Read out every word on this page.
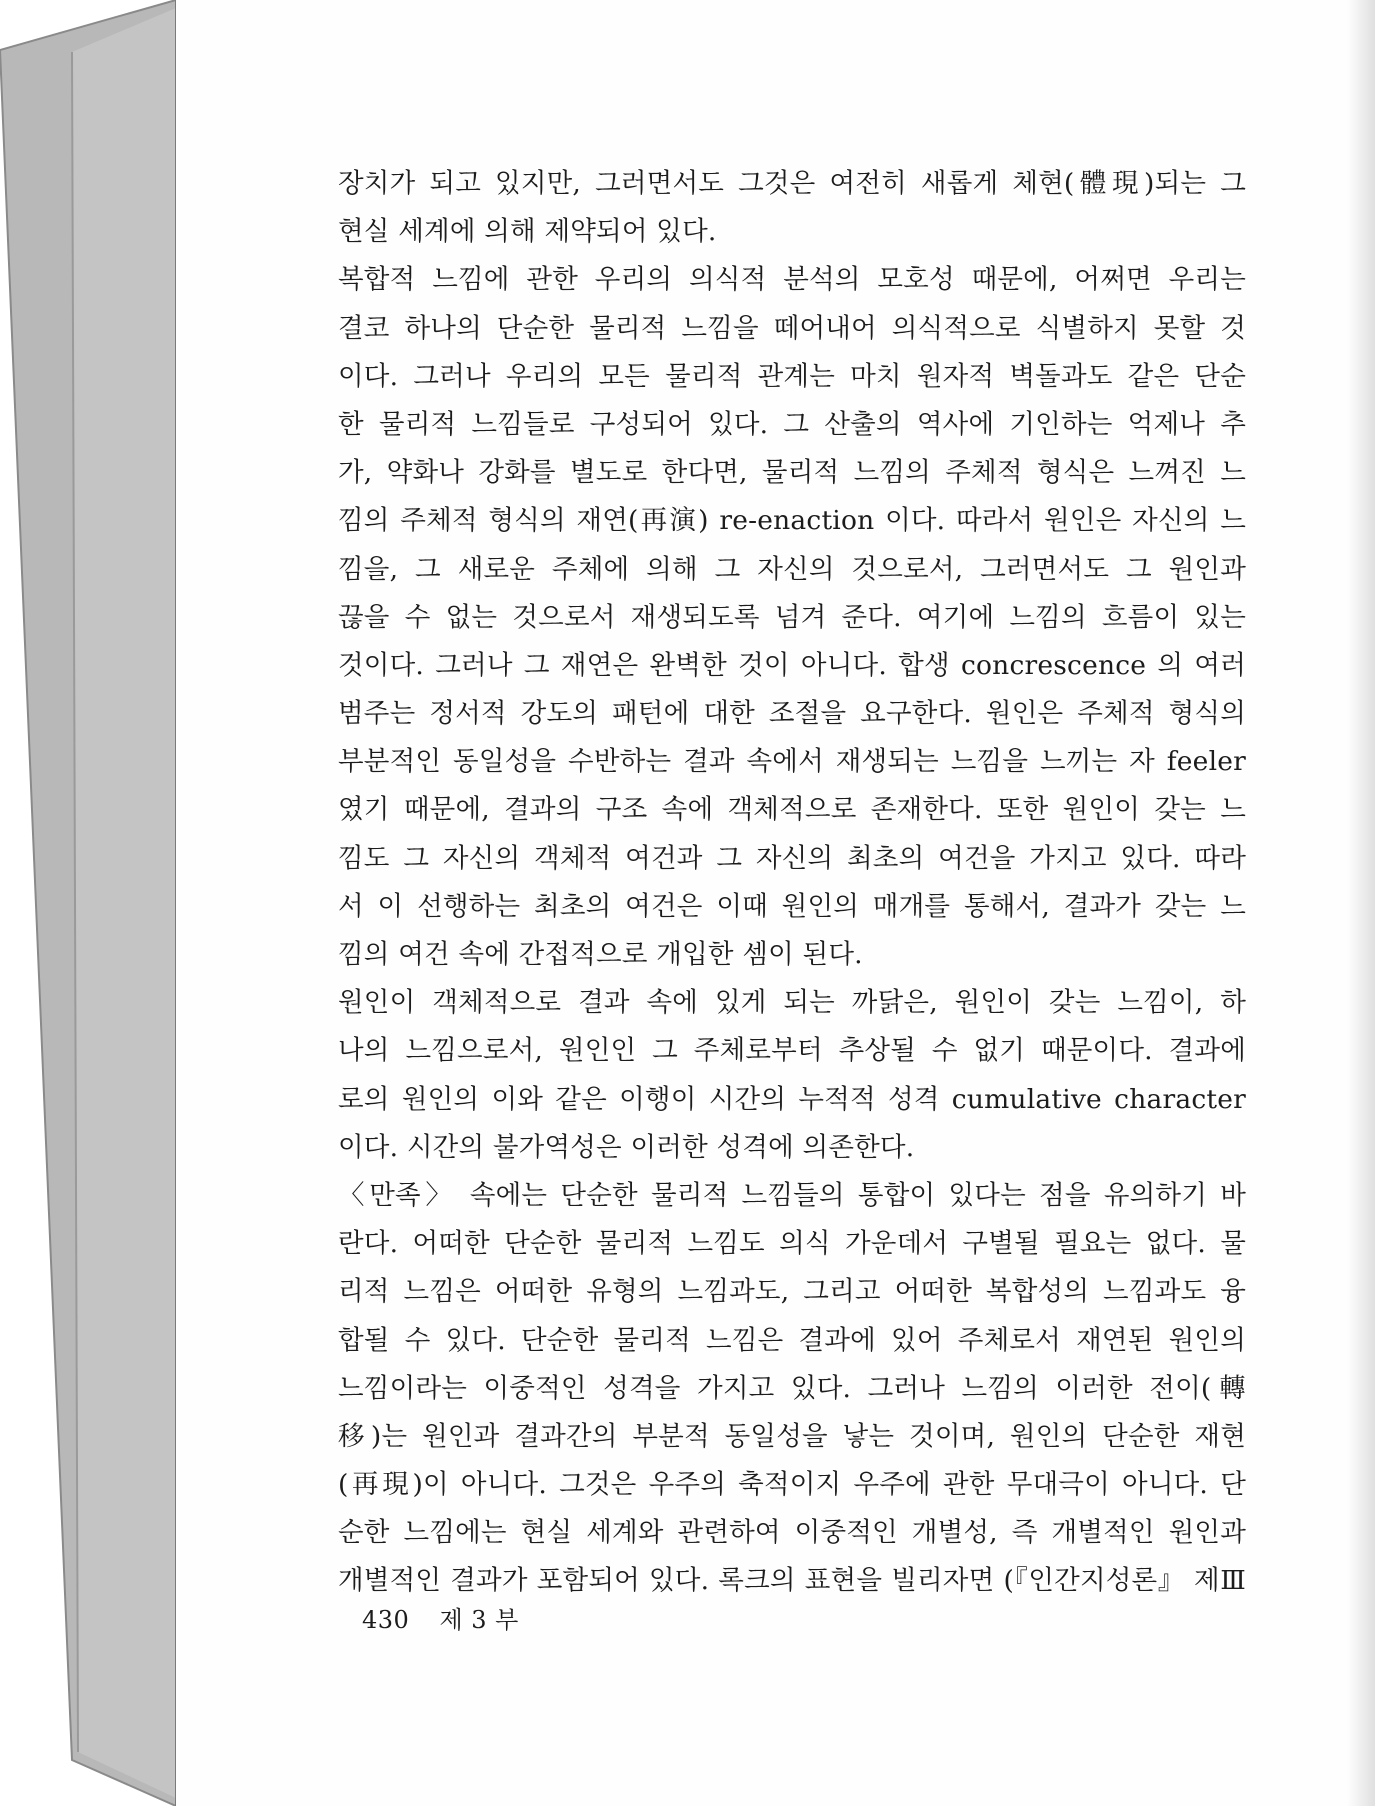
장치가 되고 있지만, 그러면서도 그것은 여전히 새롭게 체현(體現)되는 그
현실 세계에 의해 제약되어 있다.
복합적 느낌에 관한 우리의 의식적 분석의 모호성 때문에, 어쩌면 우리는
결코 하나의 단순한 물리적 느낌을 떼어내어 의식적으로 식별하지 못할 것
이다. 그러나 우리의 모든 물리적 관계는 마치 원자적 벽돌과도 같은 단순
한 물리적 느낌들로 구성되어 있다. 그 산출의 역사에 기인하는 억제나 추
가, 약화나 강화를 별도로 한다면, 물리적 느낌의 주체적 형식은 느껴진 느
낌의 주체적 형식의 재연(再演) re-enaction 이다. 따라서 원인은 자신의 느
낌을, 그 새로운 주체에 의해 그 자신의 것으로서, 그러면서도 그 원인과
끊을 수 없는 것으로서 재생되도록 넘겨 준다. 여기에 느낌의 흐름이 있는
것이다. 그러나 그 재연은 완벽한 것이 아니다. 합생 concrescence 의 여러
범주는 정서적 강도의 패턴에 대한 조절을 요구한다. 원인은 주체적 형식의
부분적인 동일성을 수반하는 결과 속에서 재생되는 느낌을 느끼는 자 feeler
였기 때문에, 결과의 구조 속에 객체적으로 존재한다. 또한 원인이 갖는 느
낌도 그 자신의 객체적 여건과 그 자신의 최초의 여건을 가지고 있다. 따라
서 이 선행하는 최초의 여건은 이때 원인의 매개를 통해서, 결과가 갖는 느
낌의 여건 속에 간접적으로 개입한 셈이 된다.
원인이 객체적으로 결과 속에 있게 되는 까닭은, 원인이 갖는 느낌이, 하
나의 느낌으로서, 원인인 그 주체로부터 추상될 수 없기 때문이다. 결과에
로의 원인의 이와 같은 이행이 시간의 누적적 성격 cumulative character
이다. 시간의 불가역성은 이러한 성격에 의존한다.
〈만족〉 속에는 단순한 물리적 느낌들의 통합이 있다는 점을 유의하기 바
란다. 어떠한 단순한 물리적 느낌도 의식 가운데서 구별될 필요는 없다. 물
리적 느낌은 어떠한 유형의 느낌과도, 그리고 어떠한 복합성의 느낌과도 융
합될 수 있다. 단순한 물리적 느낌은 결과에 있어 주체로서 재연된 원인의
느낌이라는 이중적인 성격을 가지고 있다. 그러나 느낌의 이러한 전이(轉
移)는 원인과 결과간의 부분적 동일성을 낳는 것이며, 원인의 단순한 재현
(再現)이 아니다. 그것은 우주의 축적이지 우주에 관한 무대극이 아니다. 단
순한 느낌에는 현실 세계와 관련하여 이중적인 개별성, 즉 개별적인 원인과
개별적인 결과가 포함되어 있다. 록크의 표현을 빌리자면 (『인간지성론』 제Ⅲ
430 제 3 부
